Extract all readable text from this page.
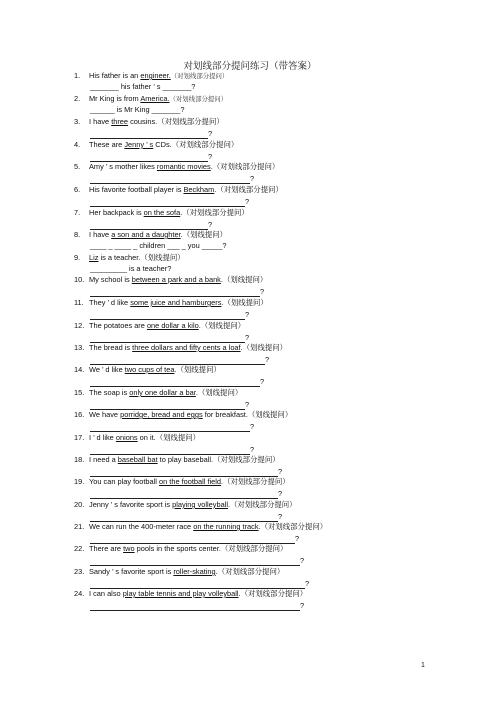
对划线部分提问练习（带答案）
1. His father is an engineer.（对划线部分提问）
_______ his father ’ s _______?
2. Mr King is from America.（对划线部分提问）
______ is Mr King _______?
3. I have three cousins.（对划线部分提问）
?
4. These are Jenny ’ s CDs.（对划线部分提问）
?
5. Amy ’ s mother likes romantic movies.（对划线部分提问）
?
6. His favorite football player is Beckham.（对划线部分提问）
?
7. Her backpack is on the sofa.（对划线部分提问）
?
8. I have a son and a daughter.（划线提问）
____ _ ____ _ children ___ _ you _____?
9. Liz is a teacher.（划线提问）
_________ is a teacher?
10. My school is between a park and a bank.（划线提问）
?
11. They ’ d like some juice and hamburgers.（划线提问）
?
12. The potatoes are one dollar a kilo.（划线提问）
?
13. The bread is three dollars and fifty cents a loaf.（划线提问）
?
14. We ’ d like two cups of tea.（划线提问）
?
15. The soap is only one dollar a bar.（划线提问）
?
16. We have porridge, bread and eggs for breakfast.（划线提问）
?
17. I ’ d like onions on it.（划线提问）
?
18. I need a baseball bat to play baseball.（对划线部分提问）
?
19. You can play football on the football field.（对划线部分提问）
?
20. Jenny ’ s favorite sport is playing volleyball.（对划线部分提问）
?
21. We can run the 400-meter race on the running track.（对划线部分提问）
?
22. There are two pools in the sports center.（对划线部分提问）
?
23. Sandy ’ s favorite sport is roller-skating.（对划线部分提问）
?
24. I can also play table tennis and play volleyball.（对划线部分提问）
?
1
